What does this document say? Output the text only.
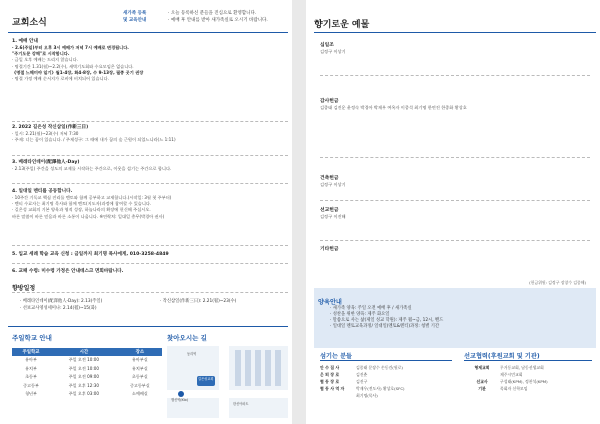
교회소식
새가족 등록
및 교육안내
· 오늘 등록하신 분들을 진심으로 환영합니다.
· 예배 후 안내를 받아 새가족실로 오시기 바랍니다.
1. 예배 안내
· 2.6(주일)부터 오후 3시 예배가 저녁 7시 예배로 변경됩니다.
"주기도문 강해"로 시작합니다.
· 금일 오후 예배는 드리지 않습니다.
· 명절기간 1.31(월)~2.2(수), 새벽기도회와 수요모임은 없습니다.
《명절 느헤미야 일기》월1-4장, 화4-8장, 수 9-13장, 필종 곳기 권장
· 명절 가정 예배 순서지가 로비에 비치되어 있습니다.
2. 2022 길은성 작신삼일(作新三日)
· 일시: 2.21(월)~23(수) 저녁 7:30
· 주제: 너는 꿈이 있습니다. / 주제성구: 그 때에 내가 꿈의 숲 근원이 되었느니라(느 1:11)
3. 베레타인데이(配澤他人-Day)
· 2.13(주일) 주간을 성도의 교제를 시작하는 주간으로, 이웃을 섬기는 주간으로 합니다.
4. 일대일 멘티를 공동합니다.
· 10주간 기독교 핵심 진리를 멘토와 함께 공부하고 교제합니다.(시작일: 3월 첫 주부터)
· 멘티 수료자는 최기명 목사와 함께 멘토(지도자)과정에 참여할 수 있습니다.
· 길은성 교회의 기본 양육과 영적 성장, 하늘나라의 확장에 헌신해 주십시오.
바른 말씀이 바른 믿음과 바른 소통이 나옵니다. ※연락처: 일대일 총무(박경아 권사)
5. 입교 세례 학습 교육 신청 : 금일까지 최기명 목사에게, 010-3258-4849
6. 교패 수령: 미수령 가정은 안내데스크 면회바랍니다.
향방일정
· 베레타인데이(配澤他人-Day): 2.13(주일)	· 작신삼일(作新三日): 2.21(월)~23(수)
· 선보교사영성세미나: 2.14(월)~15(화)
주일학교 안내
주일학교	시간	장소
유아부	주일 오전 10:00	유아부실
유치부	주일 오전 10:00	유치부실
초등부	주일 오전 09:00	초등부실
중고등부	주일 오후 12:30	중고등부실
청년부	주일 오후 03:00	소예배실
찾아오시는 길
길은성교회
행신역(Ktx)
동리역
한신아파트
향기로운 예물
십일조
김정구 이상기
감사헌금
김종태 김진운 윤정숙 박경아 박재우 여옥자 이종석 최기명 한연진 한종화 황상호
건축헌금
김정구 이상기
선교헌금
김정구 이진해
기타헌금
(헌금위원: 김정구 장창수 김종해)
양육안내
· 새가족 양육: 주일 오전 예배 후 / 새가족실
· 성찬을 위한 양육: 제주 화요일
· 말씀으로 사는 삶(제일 성교 학원): 제주 월~금, 12시, 밴드
· 일대일 멘토교육과정/ 일대일(멘토&멘티)과정: 청별 기간
섬기는 분들
안 수 집 사	김종태 문장수 손동건(원로)
은 퇴 장 로	김진춘
협 동 장 로	김진구
협 동 사 역 자	박재우(전도사) 황상호(SFC)
최기명(목사)
선교협력(후원교회 및 기관)
형제교회	무거동교회, 남동선생교회
제주시민교회
선교사	구성태(KPM), 정찬석(KPM)
기관	목회자 신학모임
